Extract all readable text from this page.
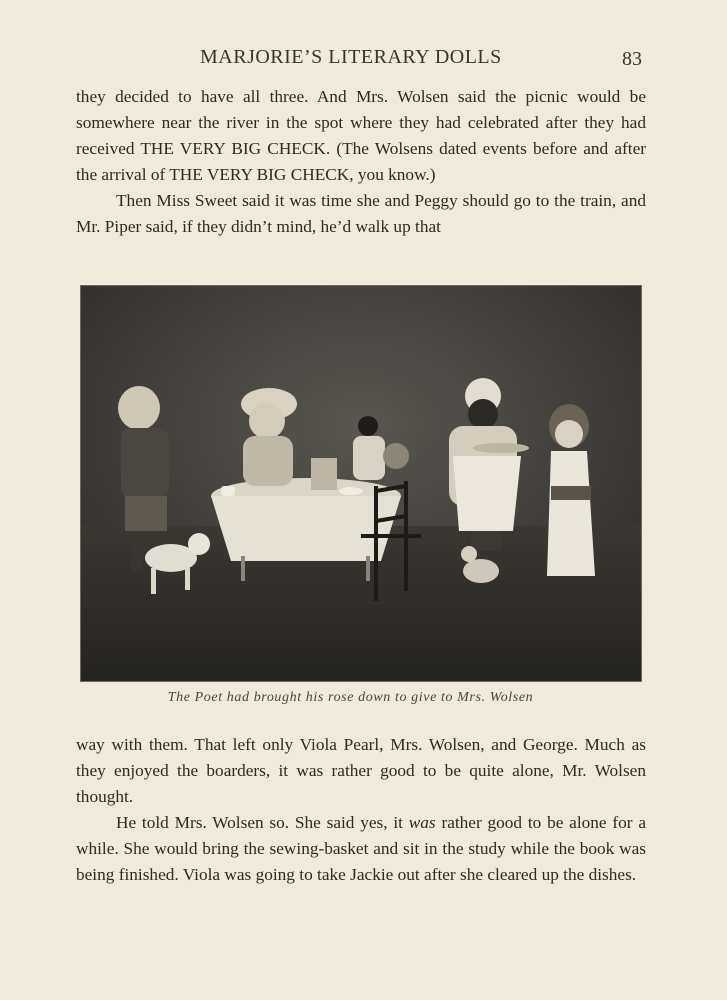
MARJORIE’S LITERARY DOLLS	83

they decided to have all three. And Mrs. Wolsen said the picnic would be somewhere near the river in the spot where they had celebrated after they had received THE VERY BIG CHECK. (The Wolsens dated events before and after the arrival of THE VERY BIG CHECK, you know.)

Then Miss Sweet said it was time she and Peggy should go to the train, and Mr. Piper said, if they didn’t mind, he’d walk up that

The Poet had brought his rose down to give to Mrs. Wolsen

way with them. That left only Viola Pearl, Mrs. Wolsen, and George. Much as they enjoyed the boarders, it was rather good to be quite alone, Mr. Wolsen thought.

He told Mrs. Wolsen so. She said yes, it was rather good to be alone for a while. She would bring the sewing-basket and sit in the study while the book was being finished. Viola was going to take Jackie out after she cleared up the dishes.
